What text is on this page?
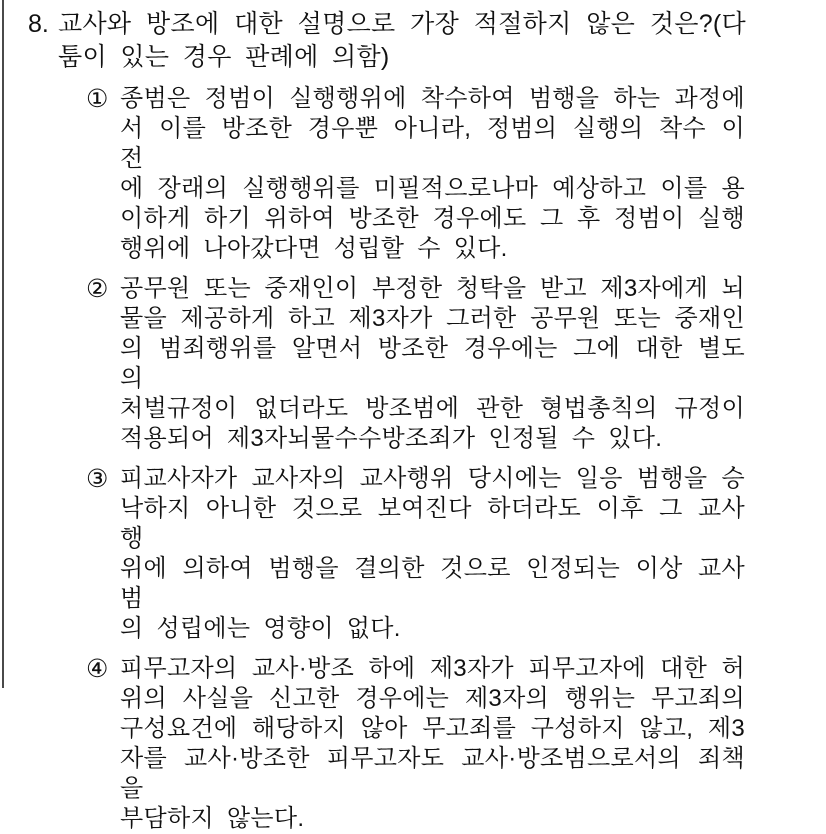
8. 교사와 방조에 대한 설명으로 가장 적절하지 않은 것은?(다
툼이 있는 경우 판례에 의함)
① 종범은 정범이 실행행위에 착수하여 범행을 하는 과정에
서 이를 방조한 경우뿐 아니라, 정범의 실행의 착수 이전
에 장래의 실행행위를 미필적으로나마 예상하고 이를 용
이하게 하기 위하여 방조한 경우에도 그 후 정범이 실행
행위에 나아갔다면 성립할 수 있다.
② 공무원 또는 중재인이 부정한 청탁을 받고 제3자에게 뇌
물을 제공하게 하고 제3자가 그러한 공무원 또는 중재인
의 범죄행위를 알면서 방조한 경우에는 그에 대한 별도의
처벌규정이 없더라도 방조범에 관한 형법총칙의 규정이
적용되어 제3자뇌물수수방조죄가 인정될 수 있다.
③ 피교사자가 교사자의 교사행위 당시에는 일응 범행을 승
낙하지 아니한 것으로 보여진다 하더라도 이후 그 교사행
위에 의하여 범행을 결의한 것으로 인정되는 이상 교사범
의 성립에는 영향이 없다.
④ 피무고자의 교사·방조 하에 제3자가 피무고자에 대한 허
위의 사실을 신고한 경우에는 제3자의 행위는 무고죄의
구성요건에 해당하지 않아 무고죄를 구성하지 않고, 제3
자를 교사·방조한 피무고자도 교사·방조범으로서의 죄책을
부담하지 않는다.
